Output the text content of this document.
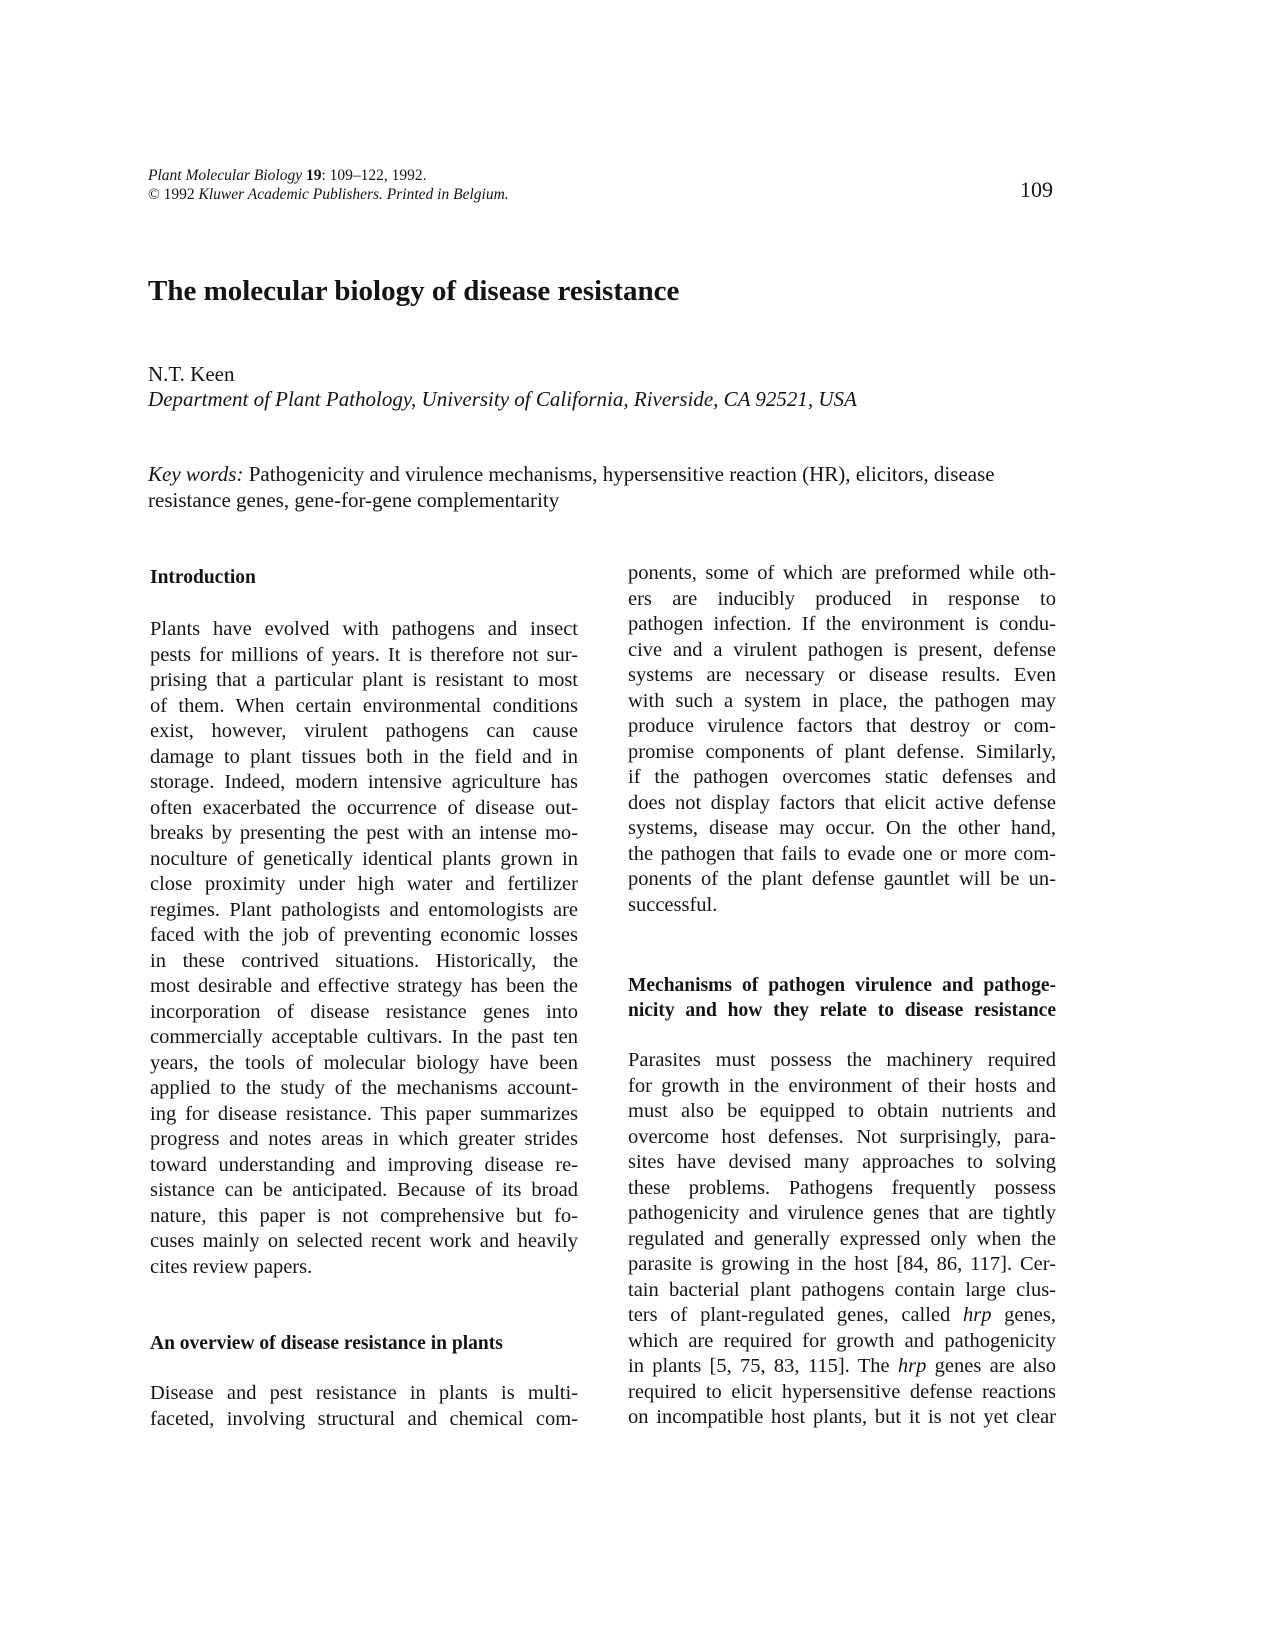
Plant Molecular Biology 19: 109–122, 1992.
© 1992 Kluwer Academic Publishers. Printed in Belgium.	109
The molecular biology of disease resistance
N.T. Keen
Department of Plant Pathology, University of California, Riverside, CA 92521, USA
Key words: Pathogenicity and virulence mechanisms, hypersensitive reaction (HR), elicitors, disease resistance genes, gene-for-gene complementarity
Introduction
Plants have evolved with pathogens and insect
pests for millions of years. It is therefore not sur-
prising that a particular plant is resistant to most
of them. When certain environmental conditions
exist, however, virulent pathogens can cause
damage to plant tissues both in the field and in
storage. Indeed, modern intensive agriculture has
often exacerbated the occurrence of disease out-
breaks by presenting the pest with an intense mo-
noculture of genetically identical plants grown in
close proximity under high water and fertilizer
regimes. Plant pathologists and entomologists are
faced with the job of preventing economic losses
in these contrived situations. Historically, the
most desirable and effective strategy has been the
incorporation of disease resistance genes into
commercially acceptable cultivars. In the past ten
years, the tools of molecular biology have been
applied to the study of the mechanisms account-
ing for disease resistance. This paper summarizes
progress and notes areas in which greater strides
toward understanding and improving disease re-
sistance can be anticipated. Because of its broad
nature, this paper is not comprehensive but fo-
cuses mainly on selected recent work and heavily
cites review papers.
An overview of disease resistance in plants
Disease and pest resistance in plants is multi-
faceted, involving structural and chemical com-
ponents, some of which are preformed while oth-
ers are inducibly produced in response to
pathogen infection. If the environment is condu-
cive and a virulent pathogen is present, defense
systems are necessary or disease results. Even
with such a system in place, the pathogen may
produce virulence factors that destroy or com-
promise components of plant defense. Similarly,
if the pathogen overcomes static defenses and
does not display factors that elicit active defense
systems, disease may occur. On the other hand,
the pathogen that fails to evade one or more com-
ponents of the plant defense gauntlet will be un-
successful.
Mechanisms of pathogen virulence and pathoge-
nicity and how they relate to disease resistance
Parasites must possess the machinery required
for growth in the environment of their hosts and
must also be equipped to obtain nutrients and
overcome host defenses. Not surprisingly, para-
sites have devised many approaches to solving
these problems. Pathogens frequently possess
pathogenicity and virulence genes that are tightly
regulated and generally expressed only when the
parasite is growing in the host [84, 86, 117]. Cer-
tain bacterial plant pathogens contain large clus-
ters of plant-regulated genes, called hrp genes,
which are required for growth and pathogenicity
in plants [5, 75, 83, 115]. The hrp genes are also
required to elicit hypersensitive defense reactions
on incompatible host plants, but it is not yet clear
